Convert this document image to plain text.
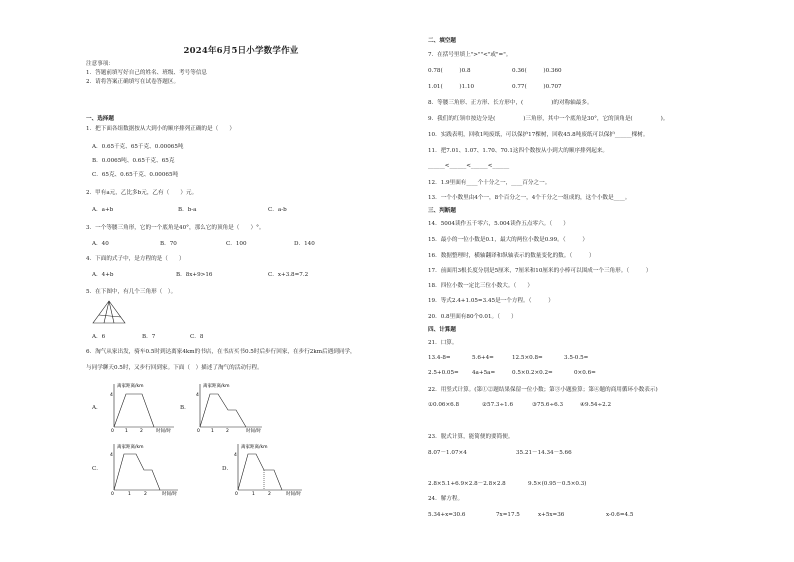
2024年6月5日小学数学作业
注意事项：
1．答题前填写好自己的姓名、班级、考号等信息
2．请将答案正确填写在试卷答题区。
一、选择题
1．把下面各组数据按从大到小的顺序排列正确的是（　　）
A．0.65千克、65千克、0.00065吨
B．0.0065吨、0.65千克、65克
C．65克、0.65千克、0.00065吨
2．甲有a元，乙比多b元，乙有（　　）元。
A．a+b	B．b-a	C．a-b
3．一个等腰三角形，它的一个底角是40°，那么它的顶角是（　　）°。
A．40	B．70	C．100	D．140
4．下面的式子中，是方程的是（　　）
A．4+b	B．8x+9>16	C．x+3.8=7.2
5．在下图中，有几个三角形（　）。
A．6	B．7	C．8
6．淘气从家出发，骑车0.5时到达离家4km的书店，在书店买书0.5时后步行回家，在步行2km后遇到同学，
与同学聊天0.5时，又步行回到家。下面（　）描述了淘气的活动行程。
A．	B．
C．	D．
离家距离/km
时间/时
4
0 1	2
离家距离/km
时间/时
4
0 1	2
离家距离/km
时间/时
4
0	1	2
离家距离/km
时间/时
4
0	1	2
二、填空题
7．在括号里填上">""<"或"="。
0.78(　　　)0.8	0.36(　　　)0.360
1.01(　　　)1.10	0.77(　　　)0.707
8．等腰三角形、正方形、长方形中，(　　　　　)的对称轴最多。
9．我们的红领巾按边分是(　　　　　)三角形，其中一个底角是30°，它的顶角是(　　　　　)。
10．实践表明，回收1吨废纸，可以保护17棵树，回收45.8吨废纸可以保护______棵树。
11．把7.01、1.07、1.70、70.1这四个数按从小到大的顺序排列起来。
______<______<______<______
12．1.9里面有____个十分之一，____百分之一。
13．一个小数里由4个一，8个百分之一，4个千分之一组成的，这个小数是____。
三、判断题
14．5004读作五千零六，5.004读作五点零六。（　　）
15．最小的一位小数是0.1，最大的两位小数是0.99。（　　　）
16．数据整理时，横轴翻译和纵轴表示的数量变化的数。（　　　）
17．前面用3根长度分别是5厘米，7厘米和10厘米的小棒可以围成一个三角形。（　　　）
18．四位小数一定比三位小数大。（　　）
19．等式2.4+1.05=3.45是一个方程。（　　　）
20．0.8里面有80个0.01。（　　）
四、计算题
21．口算。
13.4-8=	5.6+4=	12.5×0.8=	3.5-0.5=
2.5+0.05= 4a+5a=	0.5×0.2×0.2=	0×0.6=
22．用竖式计算。(第①②题结果保留一位小数；第③小题验算；第④题的商用循环小数表示)
①0.06×6.8	②57.3÷1.6	③75.6÷6.3	④9.54÷2.2
23．脱式计算，能简便的要简便。
8.07－1.07×4	35.21－14.34－5.66
2.8×5.1+6.9×2.8－2.8×2.8	9.5×(0.95－0.5×0.3)
24．解方程。
5.34+x=30.6	7x=17.5	x+5x=36	x-0.6=4.5
